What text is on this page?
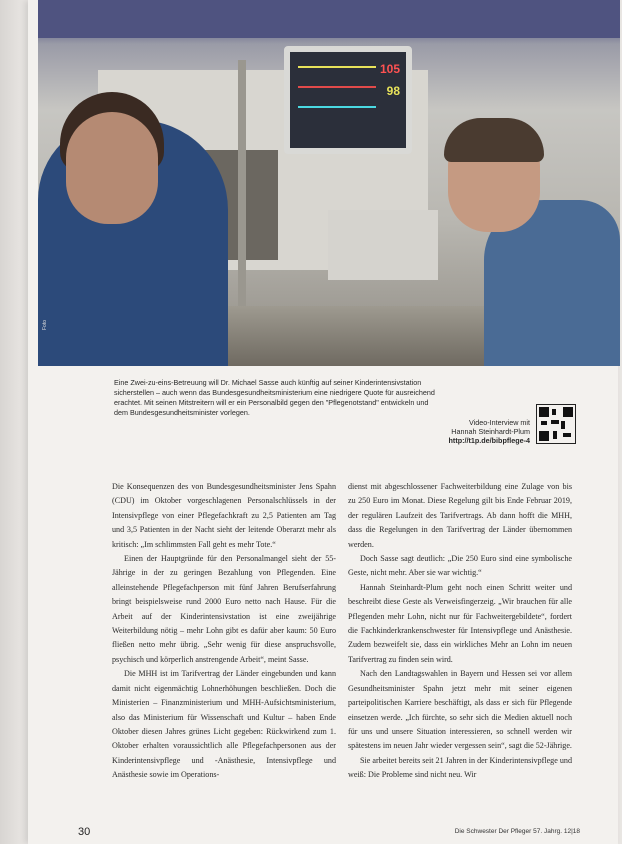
105
98
Foto
Eine Zwei-zu-eins-Betreuung will Dr. Michael Sasse auch künftig auf seiner Kinderintensivstation sicherstellen – auch wenn das Bundesgesundheitsministerium eine niedrigere Quote für ausreichend erachtet. Mit seinen Mitstreitern will er ein Personalbild gegen den "Pflegenotstand" entwickeln und dem Bundesgesundheitsminister vorlegen.
Video-Interview mit
Hannah Steinhardt-Plum
http://t1p.de/bibpflege-4

Die Konsequenzen des von Bundesgesundheitsminister Jens Spahn (CDU) im Oktober vorgeschlagenen Personalschlüssels in der Intensivpflege von einer Pflegefachkraft zu 2,5 Patienten am Tag und 3,5 Patienten in der Nacht sieht der leitende Oberarzt mehr als kritisch: „Im schlimmsten Fall geht es mehr Tote.“

Einen der Hauptgründe für den Personalmangel sieht der 55-Jährige in der zu geringen Bezahlung von Pflegenden. Eine alleinstehende Pflegefachperson mit fünf Jahren Berufserfahrung bringt beispielsweise rund 2000 Euro netto nach Hause. Für die Arbeit auf der Kinderintensivstation ist eine zweijährige Weiterbildung nötig – mehr Lohn gibt es dafür aber kaum: 50 Euro fließen netto mehr übrig. „Sehr wenig für diese anspruchsvolle, psychisch und körperlich anstrengende Arbeit“, meint Sasse.

Die MHH ist im Tarifvertrag der Länder eingebunden und kann damit nicht eigenmächtig Lohnerhöhungen beschließen. Doch die Ministerien – Finanzministerium und MHH-Aufsichtsministerium, also das Ministerium für Wissenschaft und Kultur – haben Ende Oktober diesen Jahres grünes Licht gegeben: Rückwirkend zum 1. Oktober erhalten voraussichtlich alle Pflegefachpersonen aus der Kinderintensivpflege und -Anästhesie, Intensivpflege und Anästhesie sowie im Operations-

dienst mit abgeschlossener Fachweiterbildung eine Zulage von bis zu 250 Euro im Monat. Diese Regelung gilt bis Ende Februar 2019, der regulären Laufzeit des Tarifvertrags. Ab dann hofft die MHH, dass die Regelungen in den Tarifvertrag der Länder übernommen werden.

Doch Sasse sagt deutlich: „Die 250 Euro sind eine symbolische Geste, nicht mehr. Aber sie war wichtig.“

Hannah Steinhardt-Plum geht noch einen Schritt weiter und beschreibt diese Geste als Verweisfingerzeig. „Wir brauchen für alle Pflegenden mehr Lohn, nicht nur für Fachweitergebildete“, fordert die Fachkinderkrankenschwester für Intensivpflege und Anästhesie. Zudem bezweifelt sie, dass ein wirkliches Mehr an Lohn im neuen Tarifvertrag zu finden sein wird.

Nach den Landtagswahlen in Bayern und Hessen sei vor allem Gesundheitsminister Spahn jetzt mehr mit seiner eigenen parteipolitischen Karriere beschäftigt, als dass er sich für Pflegende einsetzen werde. „Ich fürchte, so sehr sich die Medien aktuell noch für uns und unsere Situation interessieren, so schnell werden wir spätestens im neuen Jahr wieder vergessen sein“, sagt die 52-Jährige.

Sie arbeitet bereits seit 21 Jahren in der Kinderintensivpflege und weiß: Die Probleme sind nicht neu. Wir

30	Die Schwester Der Pfleger 57. Jahrg. 12|18
